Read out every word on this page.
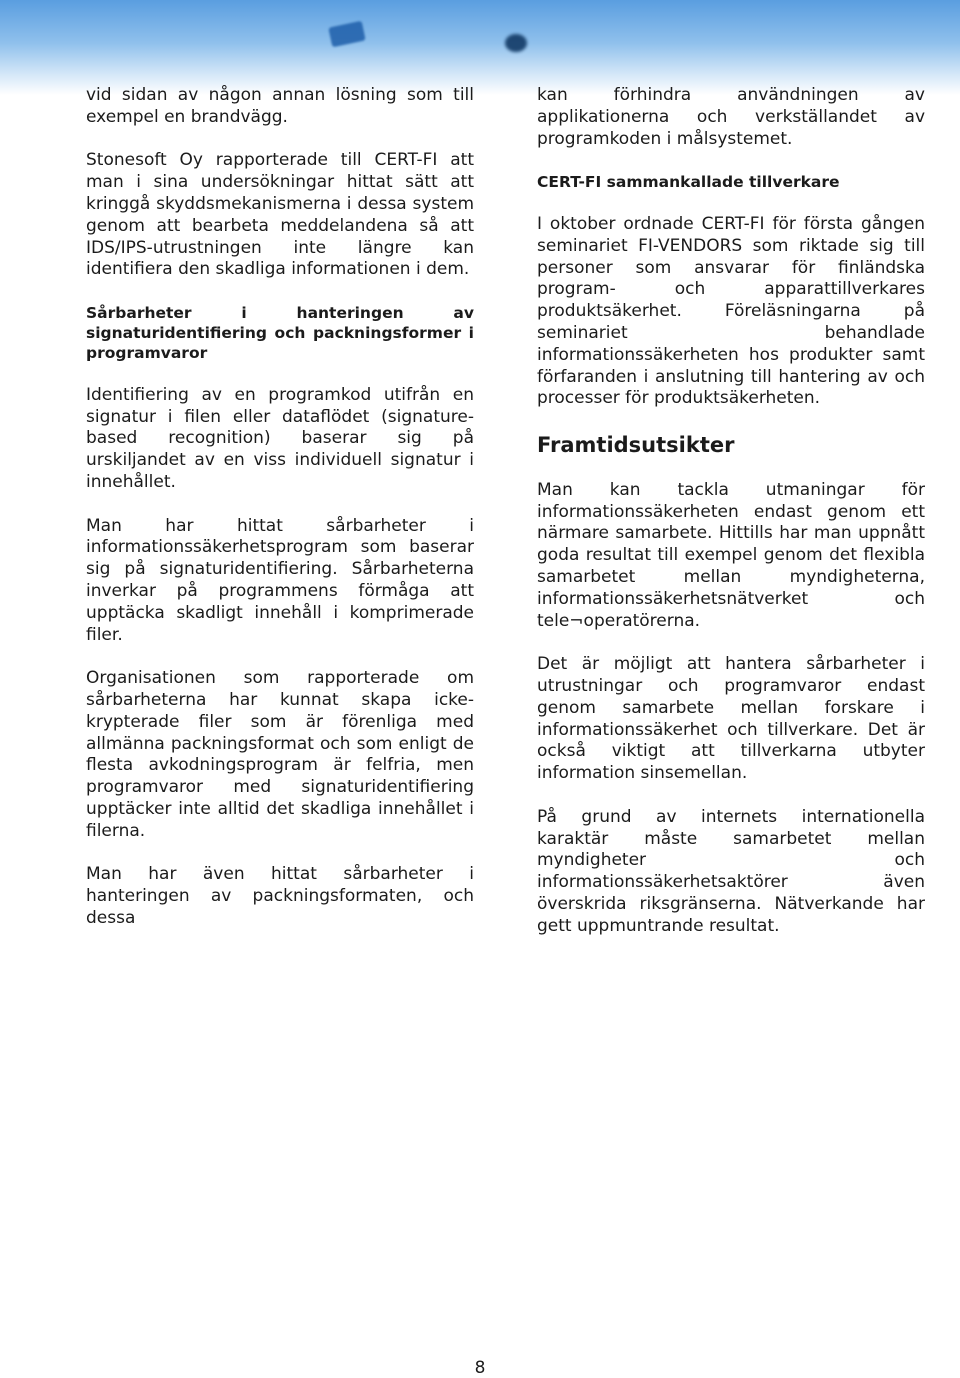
vid sidan av någon annan lösning som till exempel en brandvägg.

Stonesoft Oy rapporterade till CERT-FI att man i sina undersökningar hittat sätt att kringgå skyddsmekanismerna i dessa system genom att bearbeta meddelandena så att IDS/IPS-utrustningen inte längre kan identifiera den skadliga informationen i dem.

Sårbarheter i hanteringen av signaturidentifiering och packningsformer i programvaror

Identifiering av en programkod utifrån en signatur i filen eller dataflödet (signature-based recognition) baserar sig på urskiljandet av en viss individuell signatur i innehållet.

Man har hittat sårbarheter i informationssäkerhetsprogram som baserar sig på signaturidentifiering. Sårbarheterna inverkar på programmens förmåga att upptäcka skadligt innehåll i komprimerade filer.

Organisationen som rapporterade om sårbarheterna har kunnat skapa icke-krypterade filer som är förenliga med allmänna packningsformat och som enligt de flesta avkodningsprogram är felfria, men programvaror med signaturidentifiering upptäcker inte alltid det skadliga innehållet i filerna.

Man har även hittat sårbarheter i hanteringen av packningsformaten, och dessa

kan förhindra användningen av applikationerna och verkställandet av programkoden i målsystemet.

CERT-FI sammankallade tillverkare

I oktober ordnade CERT-FI för första gången seminariet FI-VENDORS som riktade sig till personer som ansvarar för finländska program- och apparattillverkares produktsäkerhet. Föreläsningarna på seminariet behandlade informationssäkerheten hos produkter samt förfaranden i anslutning till hantering av och processer för produktsäkerheten.

Framtidsutsikter

Man kan tackla utmaningar för informationssäkerheten endast genom ett närmare samarbete. Hittills har man uppnått goda resultat till exempel genom det flexibla samarbetet mellan myndigheterna, informationssäkerhetsnätverket och tele¬operatörerna.

Det är möjligt att hantera sårbarheter i utrustningar och programvaror endast genom samarbete mellan forskare i informationssäkerhet och tillverkare. Det är också viktigt att tillverkarna utbyter information sinsemellan.

På grund av internets internationella karaktär måste samarbetet mellan myndigheter och informationssäkerhetsaktörer även överskrida riksgränserna. Nätverkande har gett uppmuntrande resultat.

8
